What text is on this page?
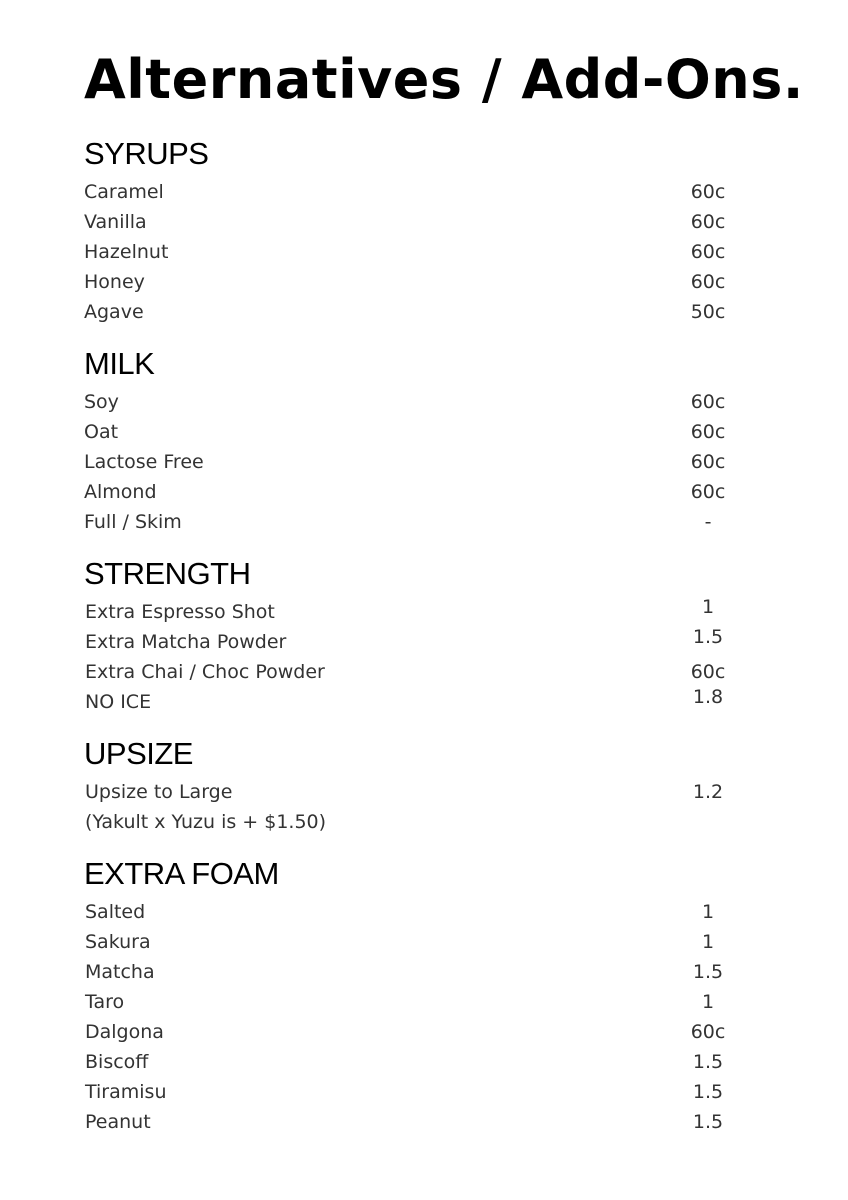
Alternatives / Add-Ons.
SYRUPS
Caramel	60c
Vanilla	60c
Hazelnut	60c
Honey	60c
Agave	50c
MILK
Soy	60c
Oat	60c
Lactose Free	60c
Almond	60c
Full / Skim	-
STRENGTH
Extra Espresso Shot	1
Extra Matcha Powder	1.5
Extra Chai / Choc Powder	60c
NO ICE	1.8
UPSIZE
Upsize to Large	1.2
(Yakult x Yuzu is + $1.50)
EXTRA FOAM
Salted	1
Sakura	1
Matcha	1.5
Taro	1
Dalgona	60c
Biscoff	1.5
Tiramisu	1.5
Peanut	1.5
